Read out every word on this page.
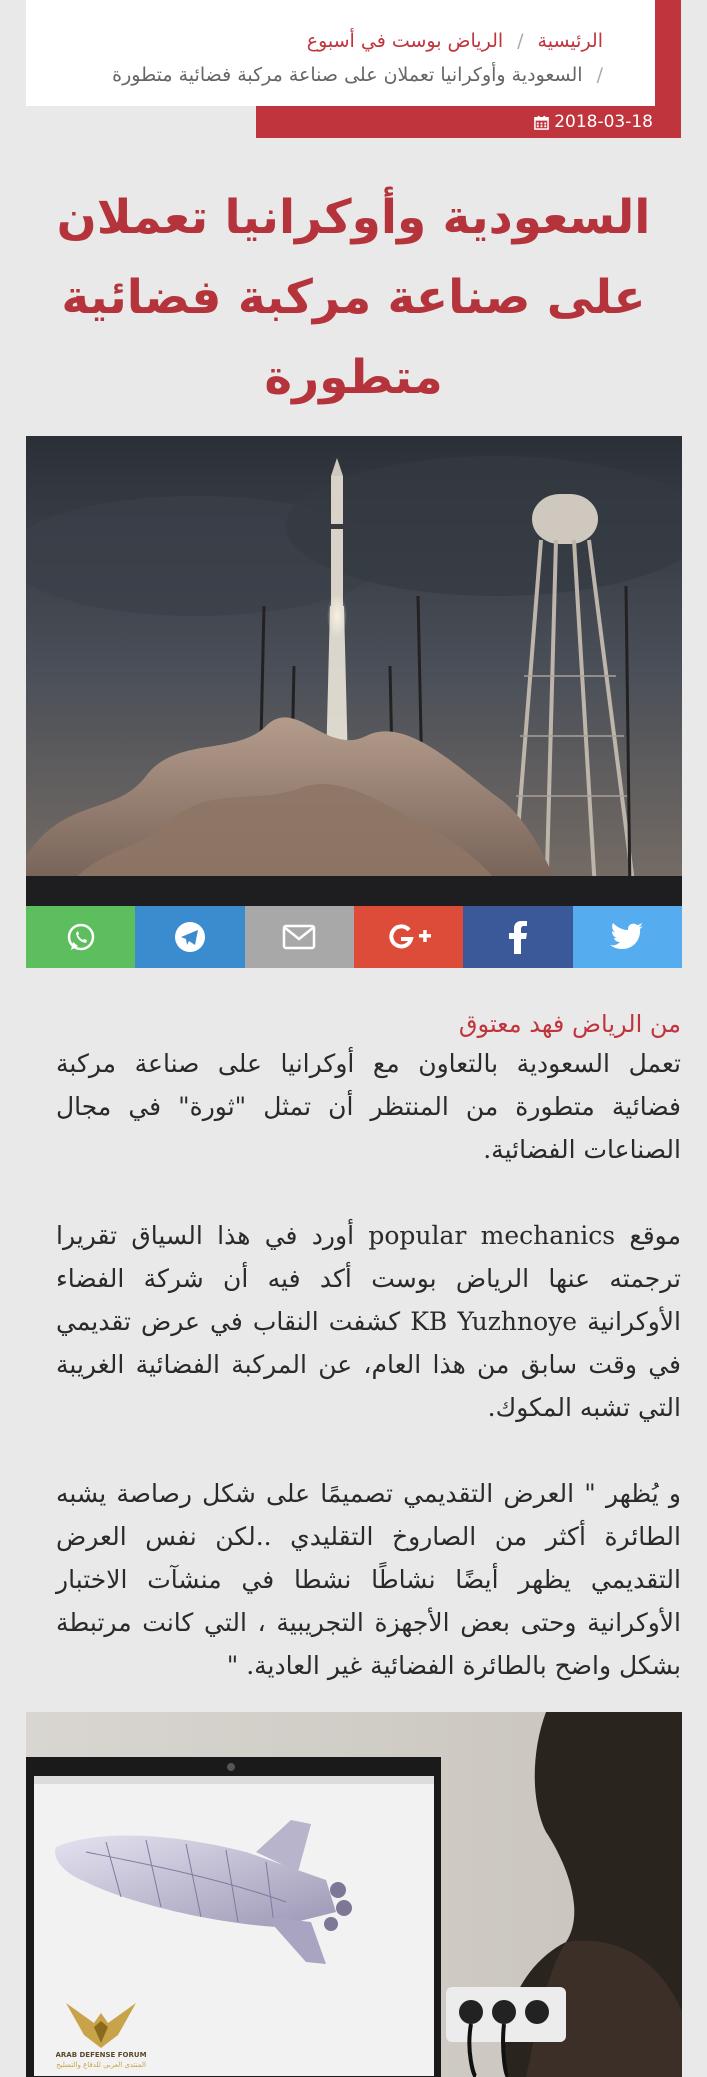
الرئيسية/الرياض بوست في أسبوع
/السعودية وأوكرانيا تعملان على صناعة مركبة فضائية متطورة
2018-03-18
السعودية وأوكرانيا تعملان
على صناعة مركبة فضائية
متطورة
من الرياض فهد معتوق

تعمل السعودية بالتعاون مع أوكرانيا على صناعة مركبة فضائية متطورة من المنتظر أن تمثل "ثورة" في مجال الصناعات الفضائية.

موقع popular mechanics أورد في هذا السياق تقريرا ترجمته عنها الرياض بوست أكد فيه أن شركة الفضاء الأوكرانية KB Yuzhnoye كشفت النقاب في عرض تقديمي في وقت سابق من هذا العام، عن المركبة الفضائية الغريبة التي تشبه المكوك.

و يُظهر " العرض التقديمي تصميمًا على شكل رصاصة يشبه الطائرة أكثر من الصاروخ التقليدي ..لكن نفس العرض التقديمي يظهر أيضًا نشاطًا نشطا في منشآت الاختبار الأوكرانية وحتى بعض الأجهزة التجريبية ، التي كانت مرتبطة بشكل واضح بالطائرة الفضائية غير العادية. "

ARAB DEFENSE FORUM
المنتدى العربي للدفاع والتسليح
